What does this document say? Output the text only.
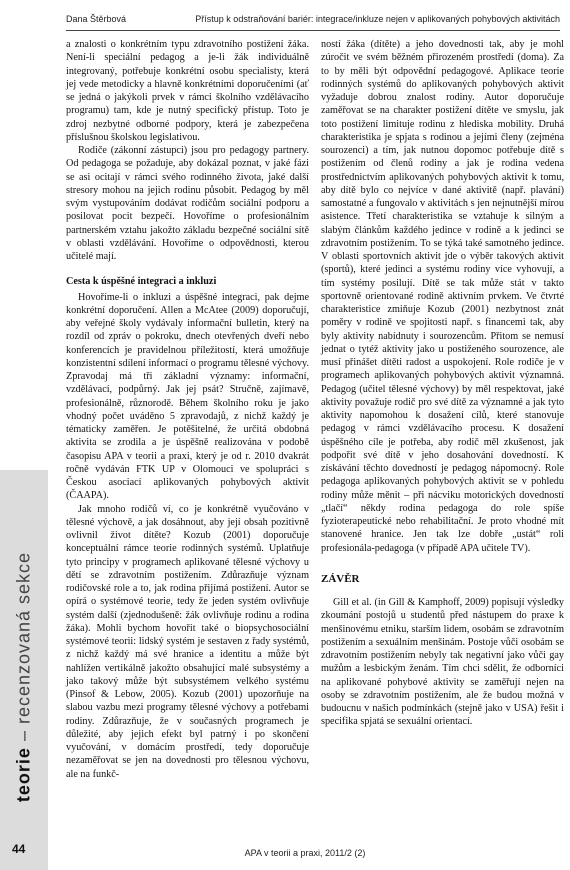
Dana Štěrbová	Přístup k odstraňování bariér: integrace/inkluze nejen v aplikovaných pohybových aktivitách
teorie – recenzovaná sekce

a znalosti o konkrétním typu zdravotního postižení žáka. Není-li speciální pedagog a je-li žák individuálně integrovaný, potřebuje konkrétní osobu specialisty, která jej vede metodicky a hlavně konkrétními doporučeními (ať se jedná o jakýkoli prvek v rámci školního vzdělávacího programu) tam, kde je nutný specifický přístup. Toto je zdroj nezbytné odborné podpory, která je zabezpečena příslušnou školskou legislativou.

Rodiče (zákonní zástupci) jsou pro pedagogy partnery. Od pedagoga se požaduje, aby dokázal poznat, v jaké fázi se asi ocitají v rámci svého rodinného života, jaké další stresory mohou na jejich rodinu působit. Pedagog by měl svým vystupováním dodávat rodičům sociální podporu a posilovat pocit bezpečí. Hovoříme o profesionálním partnerském vztahu jakožto základu bezpečné sociální sítě v oblasti vzdělávání. Hovoříme o odpovědnosti, kterou učitelé mají.

Cesta k úspěšné integraci a inkluzi

Hovoříme-li o inkluzi a úspěšné integraci, pak dejme konkrétní doporučení. Allen a McAtee (2009) doporučují, aby veřejné školy vydávaly informační bulletin, který na rozdíl od zpráv o pokroku, dnech otevřených dveří nebo konferencích je pravidelnou příležitostí, která umožňuje konzistentní sdílení informací o programu tělesné výchovy. Zpravodaj má tři základní významy: informační, vzdělávací, podpůrný. Jak jej psát? Stručně, zajímavě, profesionálně, různorodě. Během školního roku je jako vhodný počet uváděno 5 zpravodajů, z nichž každý je tématicky zaměřen. Je potěšitelné, že určitá obdobná aktivita se zrodila a je úspěšně realizována v podobě časopisu APA v teorii a praxi, který je od r. 2010 dvakrát ročně vydáván FTK UP v Olomouci ve spolupráci s Českou asociací aplikovaných pohybových aktivit (ČAAPA).

Jak mnoho rodičů ví, co je konkrétně vyučováno v tělesné výchově, a jak dosáhnout, aby její obsah pozitivně ovlivnil život dítěte? Kozub (2001) doporučuje konceptuální rámce teorie rodinných systémů. Uplatňuje tyto principy v programech aplikované tělesné výchovy u dětí se zdravotním postižením. Zdůrazňuje význam rodičovské role a to, jak rodina přijímá postižení. Autor se opírá o systémové teorie, tedy že jeden systém ovlivňuje systém další (zjednodušeně: žák ovlivňuje rodinu a rodina žáka). Mohli bychom hovořit také o biopsychosociální systémové teorii: lidský systém je sestaven z řady systémů, z nichž každý má své hranice a identitu a může být nahlížen vertikálně jakožto obsahující malé subsystémy a jako takový může být subsystémem velkého systému (Pinsof & Lebow, 2005). Kozub (2001) upozorňuje na slabou vazbu mezi programy tělesné výchovy a potřebami rodiny. Zdůrazňuje, že v současných programech je důležité, aby jejich efekt byl patrný i po skončení vyučování, v domácím prostředí, tedy doporučuje nezaměřovat se jen na dovednosti pro tělesnou výchovu, ale na funkč-

ností žáka (dítěte) a jeho dovednosti tak, aby je mohl zúročit ve svém běžném přirozeném prostředí (doma). Za to by měli být odpovědní pedagogové. Aplikace teorie rodinných systémů do aplikovaných pohybových aktivit vyžaduje dobrou znalost rodiny. Autor doporučuje zaměřovat se na charakter postižení dítěte ve smyslu, jak toto postižení limituje rodinu z hlediska mobility. Druhá charakteristika je spjata s rodinou a jejími členy (zejména sourozenci) a tím, jak nutnou dopomoc potřebuje dítě s postižením od členů rodiny a jak je rodina vedena prostřednictvím aplikovaných pohybových aktivit k tomu, aby dítě bylo co nejvíce v dané aktivitě (např. plavání) samostatné a fungovalo v aktivitách s jen nejnutnější mírou asistence. Třetí charakteristika se vztahuje k silným a slabým článkům každého jedince v rodině a k jedinci se zdravotním postižením. To se týká také samotného jedince. V oblasti sportovních aktivit jde o výběr takových aktivit (sportů), které jedinci a systému rodiny více vyhovují, a tím systémy posilují. Dítě se tak může stát v takto sportovně orientované rodině aktivním prvkem. Ve čtvrté charakteristice zmiňuje Kozub (2001) nezbytnost znát poměry v rodině ve spojitosti např. s financemi tak, aby byly aktivity nabídnuty i sourozencům. Přitom se nemusí jednat o tytéž aktivity jako u postiženého sourozence, ale musí přinášet dítěti radost a uspokojení. Role rodiče je v programech aplikovaných pohybových aktivit významná. Pedagog (učitel tělesné výchovy) by měl respektovat, jaké aktivity považuje rodič pro své dítě za významné a jak tyto aktivity napomohou k dosažení cílů, které stanovuje pedagog v rámci vzdělávacího procesu. K dosažení úspěšného cíle je potřeba, aby rodič měl zkušenost, jak podpořit své dítě v jeho dosahování dovedností. K získávání těchto dovedností je pedagog nápomocný. Role pedagoga aplikovaných pohybových aktivit se v pohledu rodiny může měnit – při nácviku motorických dovedností „tlačí“ někdy rodina pedagoga do role spíše fyzioterapeutické nebo rehabilitační. Je proto vhodné mít stanovené hranice. Jen tak lze dobře „ustát“ roli profesionála-pedagoga (v případě APA učitele TV).

ZÁVĚR

Gill et al. (in Gill & Kamphoff, 2009) popisují výsledky zkoumání postojů u studentů před nástupem do praxe k menšinovému etniku, starším lidem, osobám se zdravotním postižením a sexuálním menšinám. Postoje vůči osobám se zdravotním postižením nebyly tak negativní jako vůči gay mužům a lesbickým ženám. Tím chci sdělit, že odborníci na aplikované pohybové aktivity se zaměřují nejen na osoby se zdravotním postižením, ale že budou možná v budoucnu v našich podmínkách (stejně jako v USA) řešit i specifika spjatá se sexuální orientací.

44	APA v teorii a praxi, 2011/2 (2)
